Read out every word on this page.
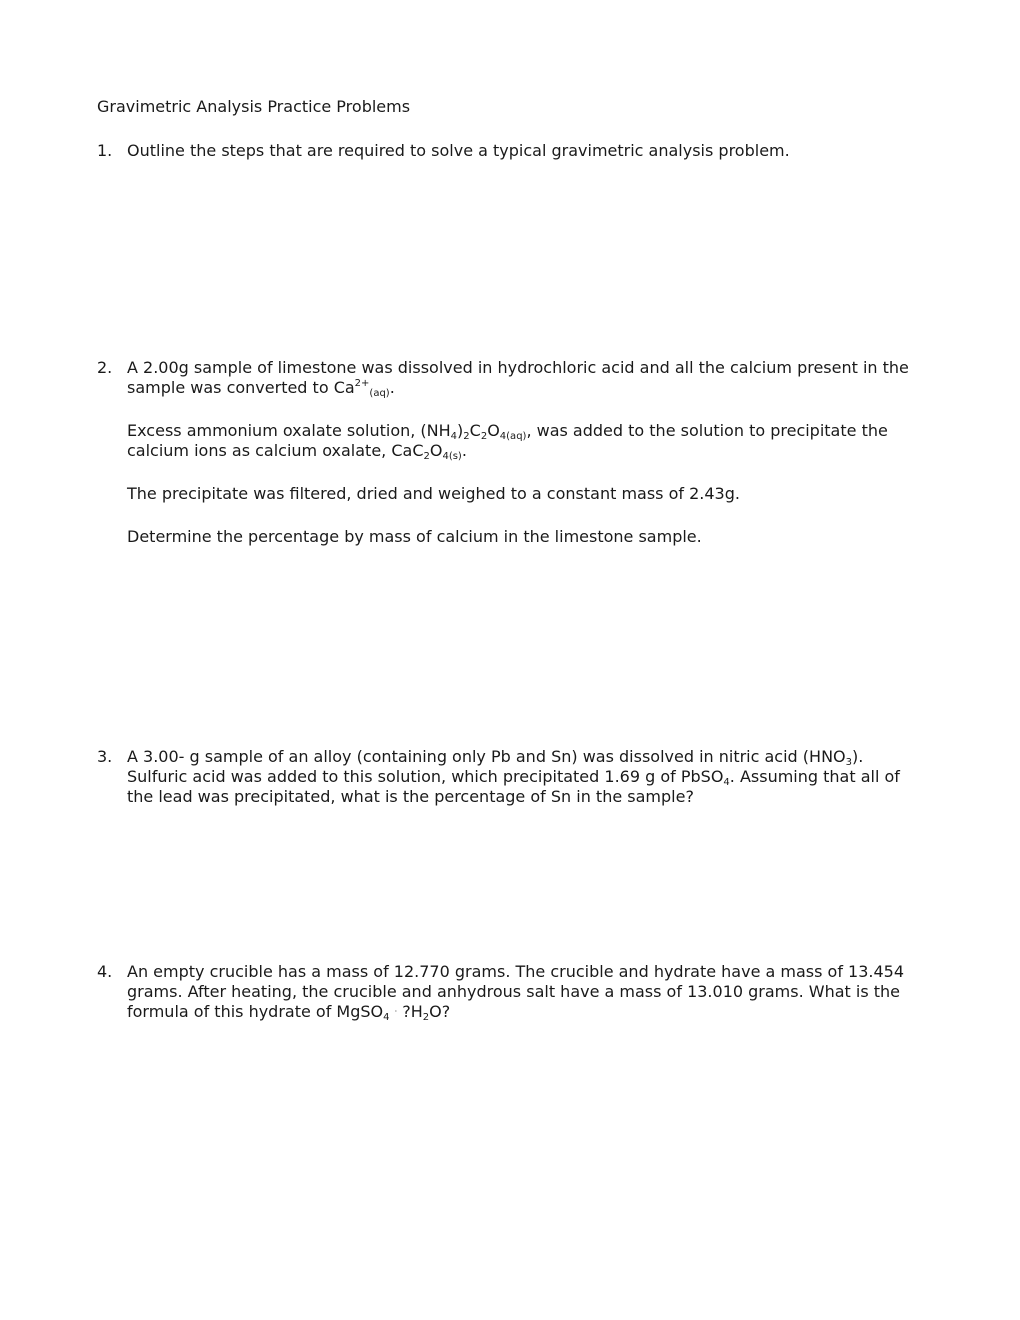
Gravimetric Analysis Practice Problems
1. Outline the steps that are required to solve a typical gravimetric analysis problem.

2. A 2.00g sample of limestone was dissolved in hydrochloric acid and all the calcium present in the sample was converted to $Ca^{2+}_{(aq)}$.

Excess ammonium oxalate solution, $(NH_4)_2C_2O_{4(aq)}$, was added to the solution to precipitate the calcium ions as calcium oxalate, $CaC_2O_{4(s)}$.

The precipitate was filtered, dried and weighed to a constant mass of 2.43g.

Determine the percentage by mass of calcium in the limestone sample.

3. A 3.00- g sample of an alloy (containing only Pb and Sn) was dissolved in nitric acid $(HNO_3)$. Sulfuric acid was added to this solution, which precipitated 1.69 g of PbSO$_4$. Assuming that all of the lead was precipitated, what is the percentage of Sn in the sample?

4. An empty crucible has a mass of 12.770 grams. The crucible and hydrate have a mass of 13.454 grams. After heating, the crucible and anhydrous salt have a mass of 13.010 grams. What is the formula of this hydrate of MgSO$_4$ · $?H_2O$?
